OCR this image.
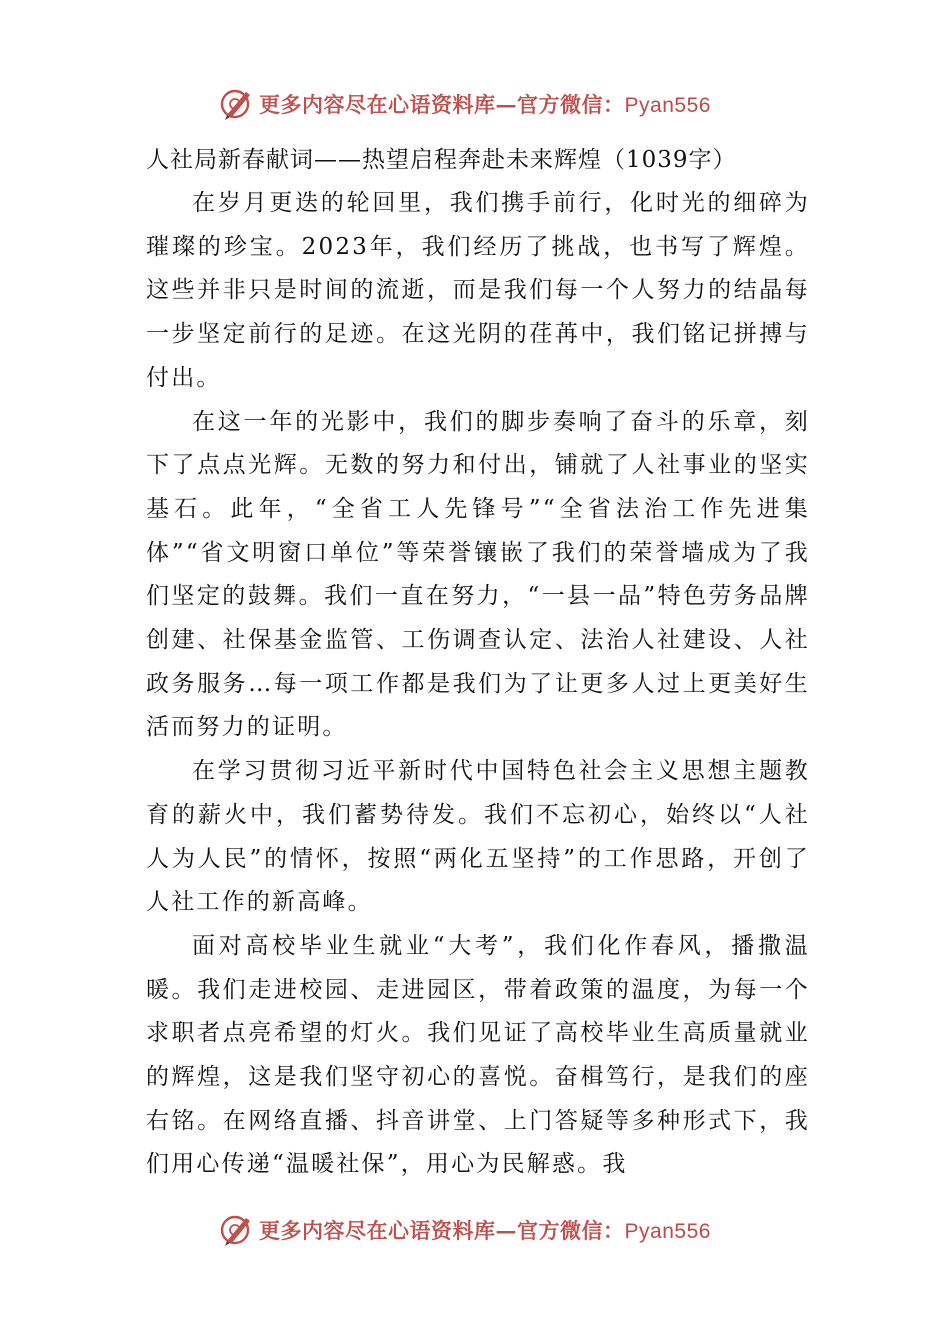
更多内容尽在心语资料库—官方微信：Pyan556

人社局新春献词——热望启程奔赴未来辉煌（1039字）

在岁月更迭的轮回里，我们携手前行，化时光的细碎为璀璨的珍宝。2023年，我们经历了挑战，也书写了辉煌。这些并非只是时间的流逝，而是我们每一个人努力的结晶每一步坚定前行的足迹。在这光阴的荏苒中，我们铭记拼搏与付出。

在这一年的光影中，我们的脚步奏响了奋斗的乐章，刻下了点点光辉。无数的努力和付出，铺就了人社事业的坚实基石。此年，“全省工人先锋号”“全省法治工作先进集体”“省文明窗口单位”等荣誉镶嵌了我们的荣誉墙成为了我们坚定的鼓舞。我们一直在努力，“一县一品”特色劳务品牌创建、社保基金监管、工伤调查认定、法治人社建设、人社政务服务…每一项工作都是我们为了让更多人过上更美好生活而努力的证明。

在学习贯彻习近平新时代中国特色社会主义思想主题教育的薪火中，我们蓄势待发。我们不忘初心，始终以“人社人为人民”的情怀，按照“两化五坚持”的工作思路，开创了人社工作的新高峰。

面对高校毕业生就业“大考”，我们化作春风，播撒温暖。我们走进校园、走进园区，带着政策的温度，为每一个求职者点亮希望的灯火。我们见证了高校毕业生高质量就业的辉煌，这是我们坚守初心的喜悦。奋楫笃行，是我们的座右铭。在网络直播、抖音讲堂、上门答疑等多种形式下，我们用心传递“温暖社保”，用心为民解惑。我

更多内容尽在心语资料库—官方微信：Pyan556
